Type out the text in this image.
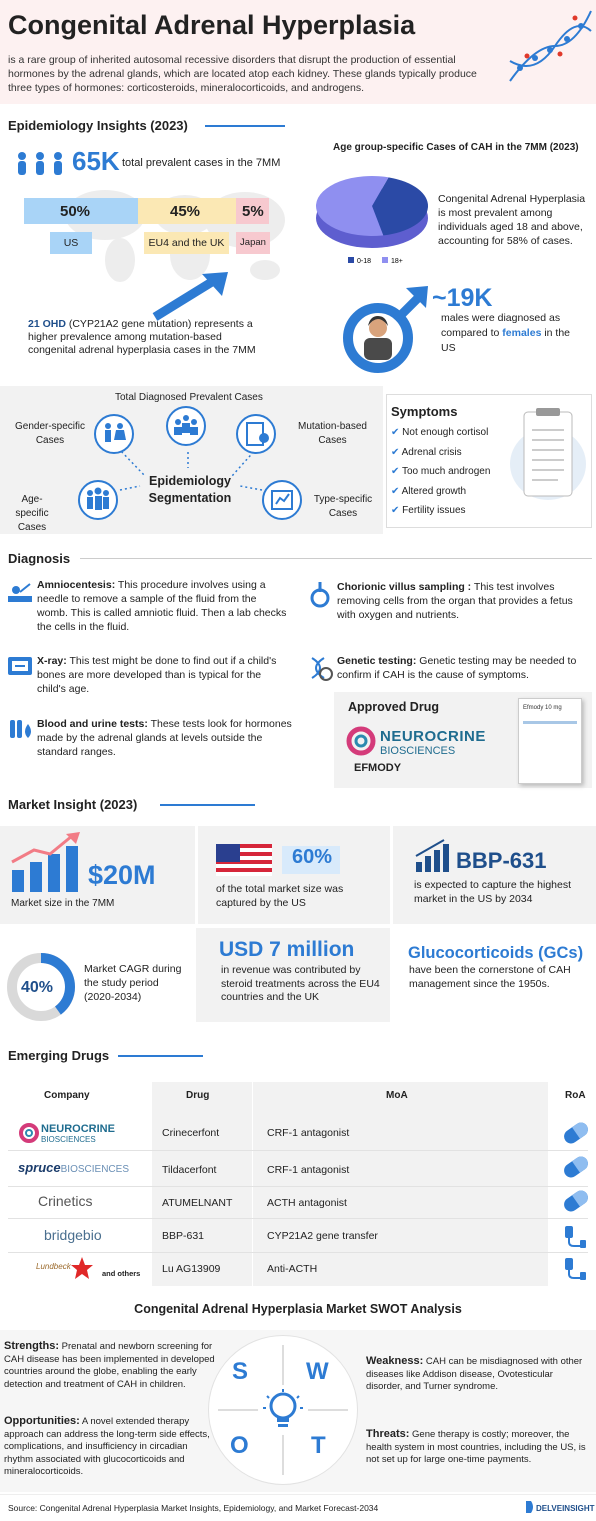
Congenital Adrenal Hyperplasia
is a rare group of inherited autosomal recessive disorders that disrupt the production of essential hormones by the adrenal glands, which are located atop each kidney. These glands typically produce three types of hormones: corticosteroids, mineralocorticoids, and androgens.
Epidemiology Insights (2023)
65K total prevalent cases in the 7MM
50%	45%	5%
US	EU4 and the UK	Japan
21 OHD (CYP21A2 gene mutation) represents a higher prevalence among mutation-based congenital adrenal hyperplasia cases in the 7MM
Age group-specific Cases of CAH in the 7MM (2023)
0-18	18+
Congenital Adrenal Hyperplasia is most prevalent among individuals aged 18 and above, accounting for 58% of cases.
~19K
males were diagnosed as compared to females in the US
Total Diagnosed Prevalent Cases
Gender-specific Cases
Mutation-based Cases
Age-specific Cases
Type-specific Cases
Epidemiology Segmentation
Symptoms
✔ Not enough cortisol
✔ Adrenal crisis
✔ Too much androgen
✔ Altered growth
✔ Fertility issues
Diagnosis
Amniocentesis: This procedure involves using a needle to remove a sample of the fluid from the womb. This is called amniotic fluid. Then a lab checks the cells in the fluid.
Chorionic villus sampling : This test involves removing cells from the organ that provides a fetus with oxygen and nutrients.
X-ray: This test might be done to find out if a child's bones are more developed than is typical for the child's age.
Genetic testing: Genetic testing may be needed to confirm if CAH is the cause of symptoms.
Blood and urine tests: These tests look for hormones made by the adrenal glands at levels outside the standard ranges.
Approved Drug
NEUROCRINE
BIOSCIENCES
EFMODY
Efmody 10 mg
Market Insight (2023)
$20M
Market size in the 7MM
60%
of the total market size was captured by the US
BBP-631
is expected to capture the highest market in the US by 2034
40%
Market CAGR during the study period (2020-2034)
USD 7 million
in revenue was contributed by steroid treatments across the EU4 countries and the UK
Glucocorticoids (GCs)
have been the cornerstone of CAH management since the 1950s.
Emerging Drugs
Company	Drug	MoA	RoA
NEUROCRINE
BIOSCIENCES
Crinecerfont	CRF-1 antagonist
spruceBIOSCIENCES	Tildacerfont	CRF-1 antagonist
Crinetics	ATUMELNANT	ACTH antagonist
bridgebio	BBP-631	CYP21A2 gene transfer
Lundbeck
and others Lu AG13909	Anti-ACTH
Congenital Adrenal Hyperplasia Market SWOT Analysis
S W
O	T
Strengths: Prenatal and newborn screening for CAH disease has been implemented in developed countries around the globe, enabling the early detection and treatment of CAH in children.
Weakness: CAH can be misdiagnosed with other diseases like Addison disease, Ovotesticular disorder, and Turner syndrome.
Opportunities: A novel extended therapy approach can address the long-term side effects, complications, and insufficiency in circadian rhythm associated with glucocorticoids and mineralocorticoids.
Threats: Gene therapy is costly; moreover, the health system in most countries, including the US, is not set up for large one-time payments.
Source: Congenital Adrenal Hyperplasia Market Insights, Epidemiology, and Market Forecast-2034	DELVEINSIGHT
